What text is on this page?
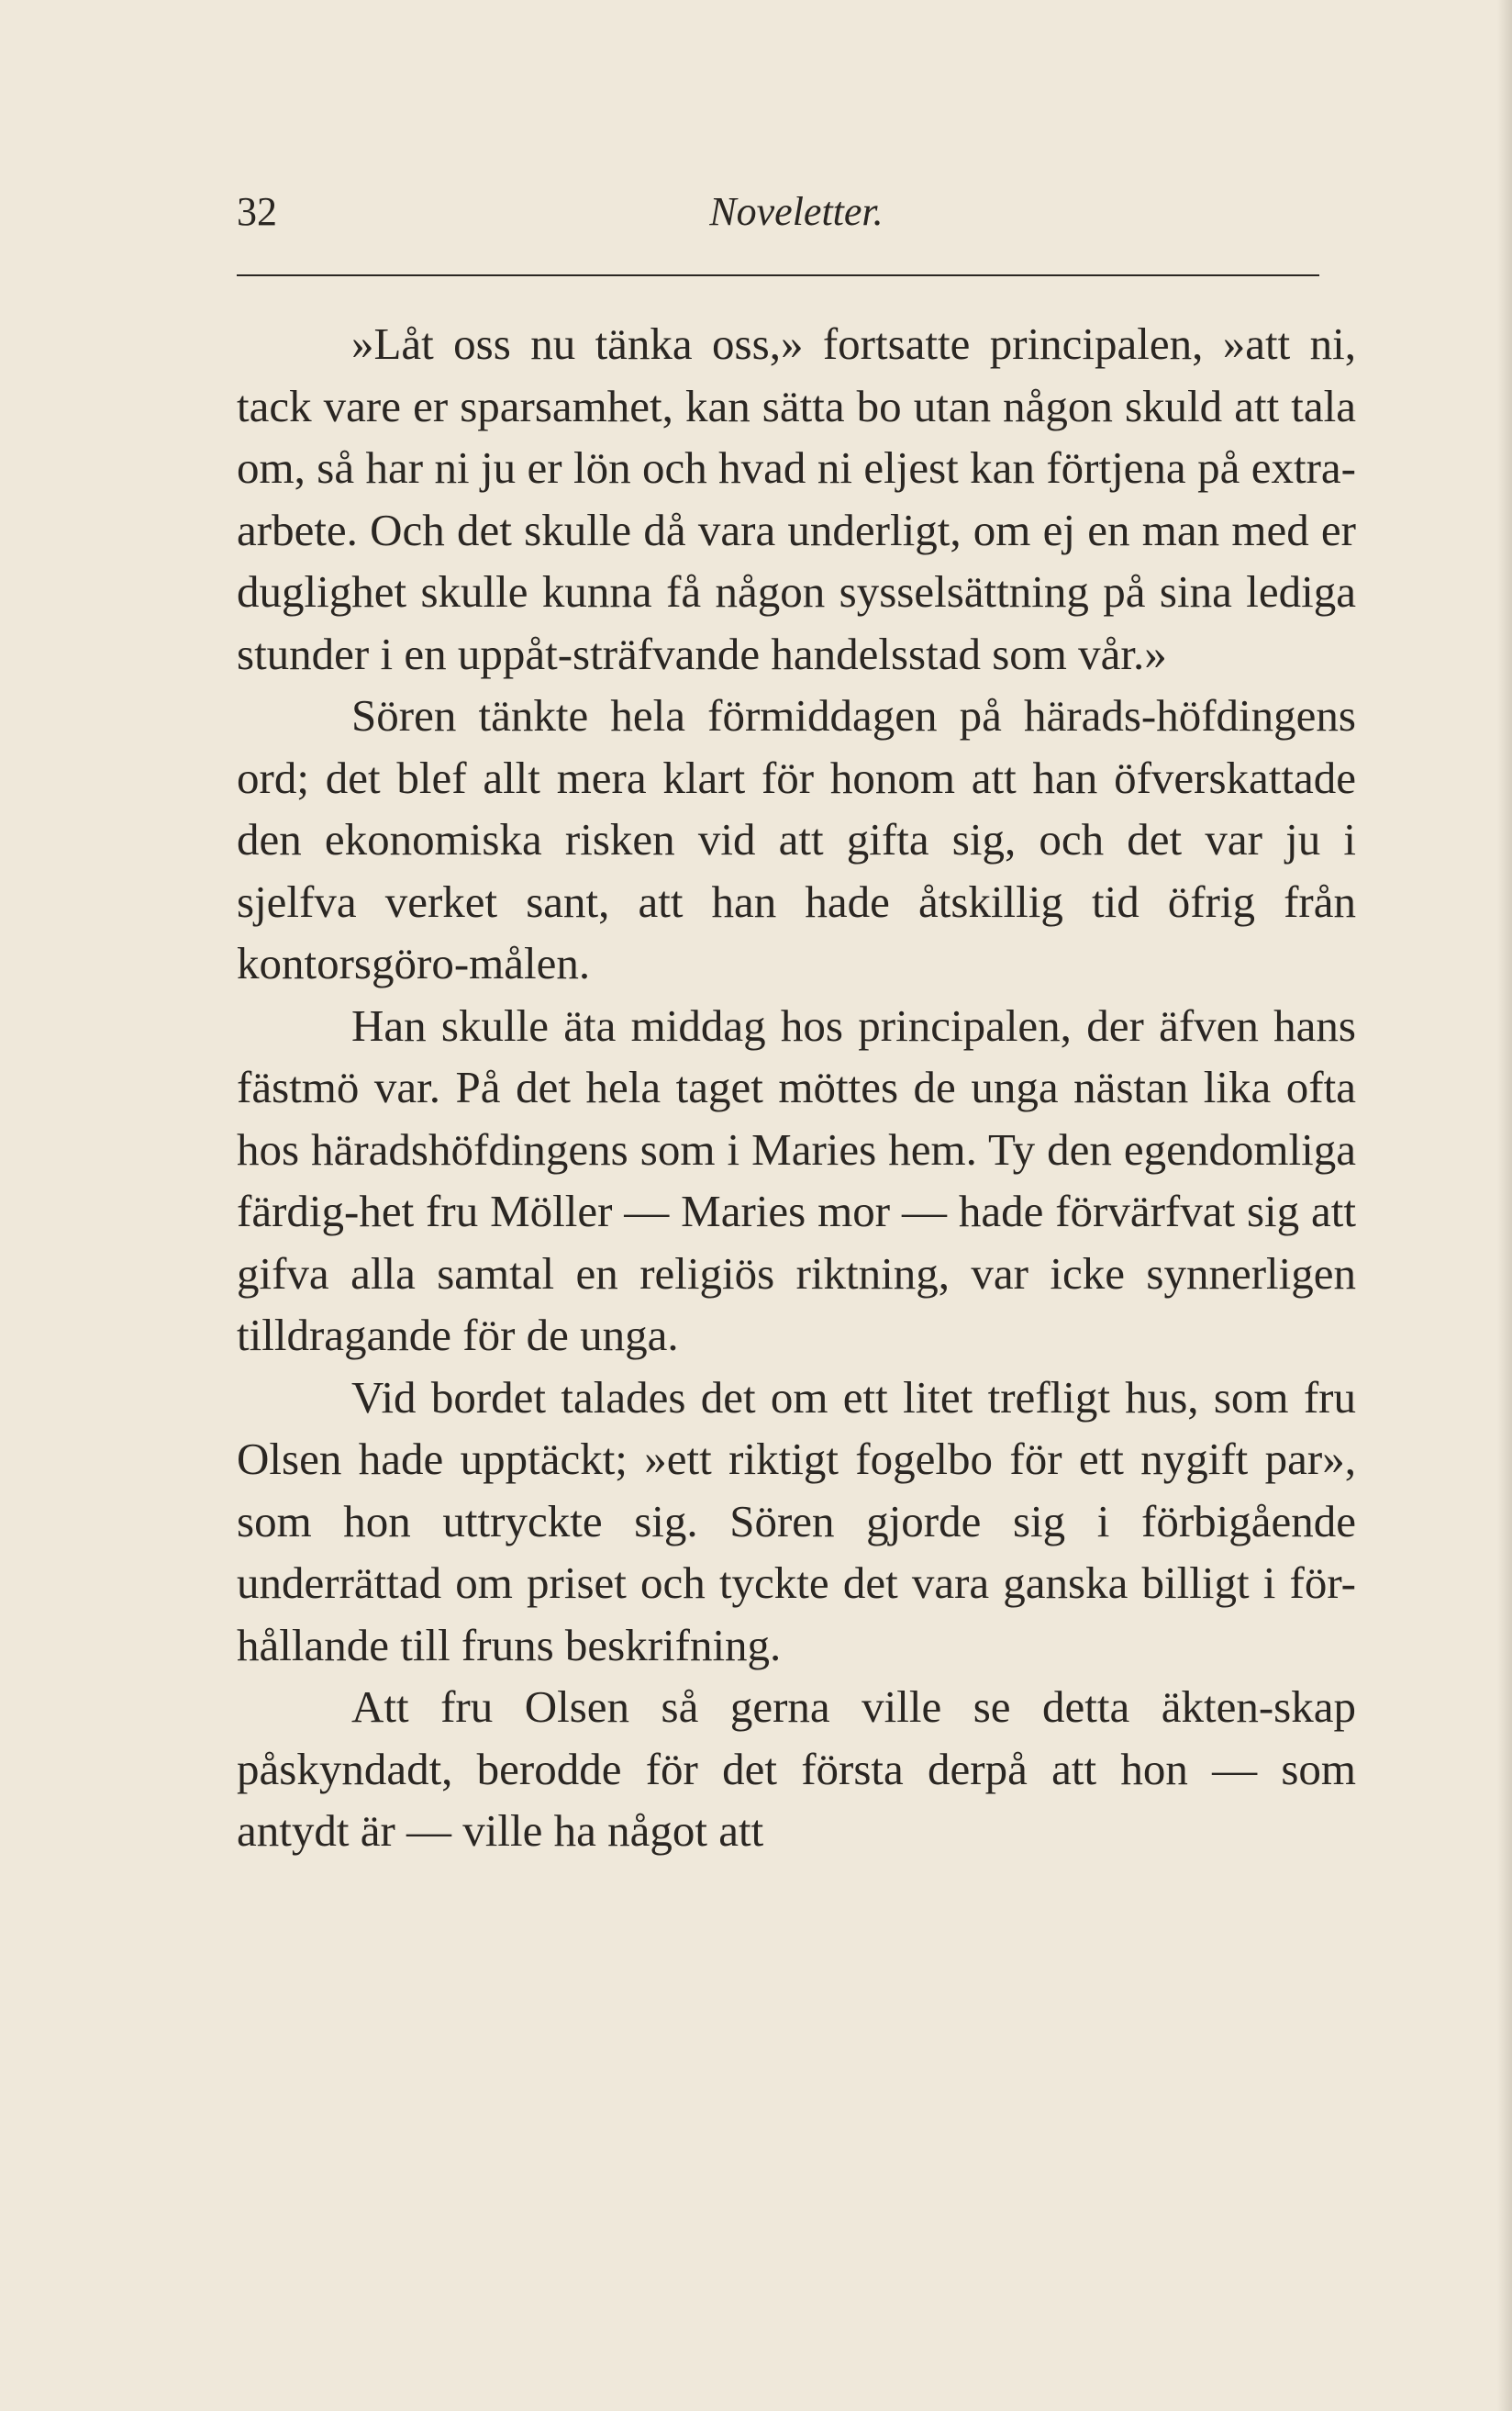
32	Noveletter.

»Låt oss nu tänka oss,» fortsatte principalen, »att ni, tack vare er sparsamhet, kan sätta bo utan någon skuld att tala om, så har ni ju er lön och hvad ni eljest kan förtjena på extra-arbete. Och det skulle då vara underligt, om ej en man med er duglighet skulle kunna få någon sysselsättning på sina lediga stunder i en uppåt-sträfvande handelsstad som vår.»

Sören tänkte hela förmiddagen på härads-höfdingens ord; det blef allt mera klart för honom att han öfverskattade den ekonomiska risken vid att gifta sig, och det var ju i sjelfva verket sant, att han hade åtskillig tid öfrig från kontorsgöro-målen.

Han skulle äta middag hos principalen, der äfven hans fästmö var. På det hela taget möttes de unga nästan lika ofta hos häradshöfdingens som i Maries hem. Ty den egendomliga färdig-het fru Möller — Maries mor — hade förvärfvat sig att gifva alla samtal en religiös riktning, var icke synnerligen tilldragande för de unga.

Vid bordet talades det om ett litet trefligt hus, som fru Olsen hade upptäckt; »ett riktigt fogelbo för ett nygift par», som hon uttryckte sig. Sören gjorde sig i förbigående underrättad om priset och tyckte det vara ganska billigt i för-hållande till fruns beskrifning.

Att fru Olsen så gerna ville se detta äkten-skap påskyndadt, berodde för det första derpå att hon — som antydt är — ville ha något att
